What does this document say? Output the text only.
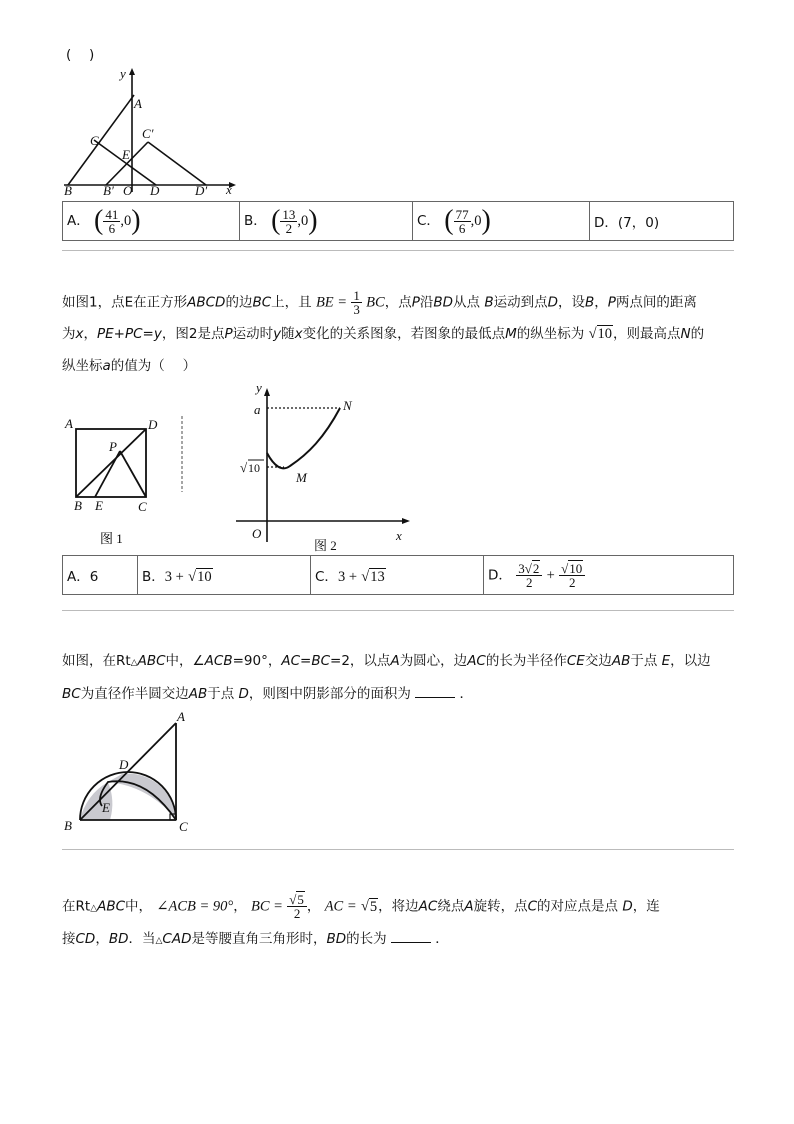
(　 )
y
A
C	C′
E
B B′ O D	D′ x
A． ( $\frac{41}{6} ,0$)	B． ( $\frac{13}{2} ,0$)	C． ( $\frac{77}{6} ,0$)	D．(7，0)
如图1，点E在正方形ABCD的边BC上，且 BE = $\frac{1}{3}$ BC，点P沿BD从点 B运动到点D，设B，P两点间的距离
为x，PE+PC=y，图2是点P运动时y随x变化的关系图象，若图象的最低点M的纵坐标为 √10，则最高点N的
纵坐标a的值为（　 ）
A	D
P
B E	C
图 1
y
a	N
M
O	x
√ 10
图 2
A．6	B．3 + √10	C．3 + √13	D． $\frac{3√2}{2} + \frac{√10}{2}$
如图，在Rt△ABC中，∠ACB=90°，AC=BC=2，以点A为圆心，边AC的长为半径作CE交边AB于点 E，以边
BC为直径作半圆交边AB于点 D，则图中阴影部分的面积为	．
A
D
E
B	C
在Rt△ABC中， ∠ACB = 90°， BC = $\frac{√5}{2}$ ， AC = √5，将边AC绕点A旋转，点C的对应点是点 D，连
接CD，BD．当△CAD是等腰直角三角形时，BD的长为	．
